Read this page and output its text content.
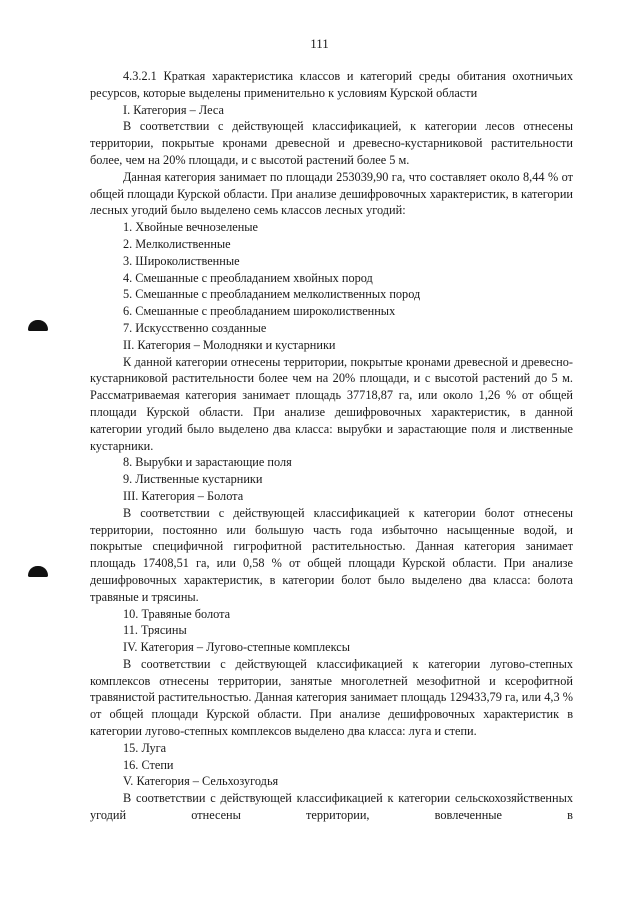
111

4.3.2.1 Краткая характеристика классов и категорий среды обитания охотничьих ресурсов, которые выделены применительно к условиям Курской области

I. Категория – Леса

В соответствии с действующей классификацией, к категории лесов отнесены территории, покрытые кронами древесной и древесно-кустарниковой растительности более, чем на 20% площади, и с высотой растений более 5 м.

Данная категория занимает по площади 253039,90 га, что составляет около 8,44 % от общей площади Курской области. При анализе дешифровочных характеристик, в категории лесных угодий было выделено семь классов лесных угодий:

1. Хвойные вечнозеленые
2. Мелколиственные
3. Широколиственные
4. Смешанные с преобладанием хвойных пород
5. Смешанные с преобладанием мелколиственных пород
6. Смешанные с преобладанием широколиственных
7. Искусственно созданные

II. Категория – Молодняки и кустарники

К данной категории отнесены территории, покрытые кронами древесной и древесно-кустарниковой растительности более чем на 20% площади, и с высотой растений до 5 м. Рассматриваемая категория занимает площадь 37718,87 га, или около 1,26 % от общей площади Курской области. При анализе дешифровочных характеристик, в данной категории угодий было выделено два класса: вырубки и зарастающие поля и лиственные кустарники.

8. Вырубки и зарастающие поля
9. Лиственные кустарники

III. Категория – Болота

В соответствии с действующей классификацией к категории болот отнесены территории, постоянно или большую часть года избыточно насыщенные водой, и покрытые специфичной гигрофитной растительностью. Данная категория занимает площадь 17408,51 га, или 0,58 % от общей площади Курской области. При анализе дешифровочных характеристик, в категории болот было выделено два класса: болота травяные и трясины.

10. Травяные болота
11. Трясины

IV. Категория – Лугово-степные комплексы

В соответствии с действующей классификацией к категории лугово-степных комплексов отнесены территории, занятые многолетней мезофитной и ксерофитной травянистой растительностью. Данная категория занимает площадь 129433,79 га, или 4,3 % от общей площади Курской области. При анализе дешифровочных характеристик в категории лугово-степных комплексов выделено два класса: луга и степи.

15. Луга
16. Степи

V. Категория – Сельхозугодья

В соответствии с действующей классификацией к категории сельскохозяйственных угодий отнесены территории, вовлеченные в
